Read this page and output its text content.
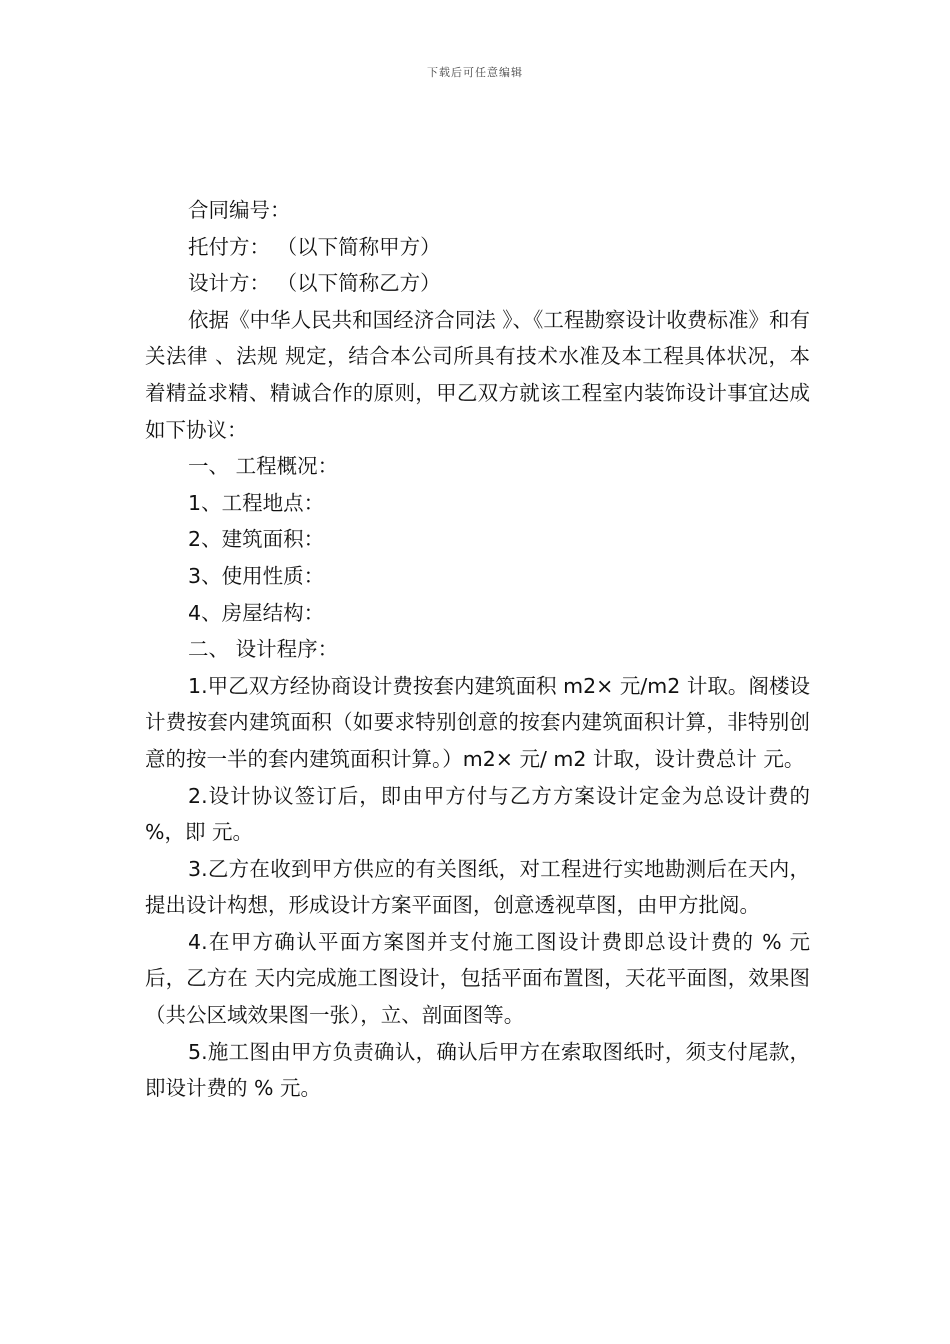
下载后可任意编辑

合同编号：

托付方： （以下简称甲方）

设计方： （以下简称乙方）

依据《中华人民共和国经济合同法 》、《工程勘察设计收费标准》和有关法律 、法规 规定，结合本公司所具有技术水准及本工程具体状况，本着精益求精、精诚合作的原则，甲乙双方就该工程室内装饰设计事宜达成如下协议：

一、 工程概况：

1、工程地点：

2、建筑面积：

3、使用性质：

4、房屋结构：

二、 设计程序：

1.甲乙双方经协商设计费按套内建筑面积 m2× 元/m2 计取。阁楼设计费按套内建筑面积（如要求特别创意的按套内建筑面积计算，非特别创意的按一半的套内建筑面积计算。）m2× 元/ m2 计取，设计费总计 元。

2.设计协议签订后，即由甲方付与乙方方案设计定金为总设计费的 %，即 元。

3.乙方在收到甲方供应的有关图纸，对工程进行实地勘测后在天内，提出设计构想，形成设计方案平面图，创意透视草图，由甲方批阅。

4.在甲方确认平面方案图并支付施工图设计费即总设计费的 % 元后，乙方在 天内完成施工图设计，包括平面布置图，天花平面图，效果图（共公区域效果图一张），立、剖面图等。

5.施工图由甲方负责确认，确认后甲方在索取图纸时，须支付尾款，即设计费的 % 元。
